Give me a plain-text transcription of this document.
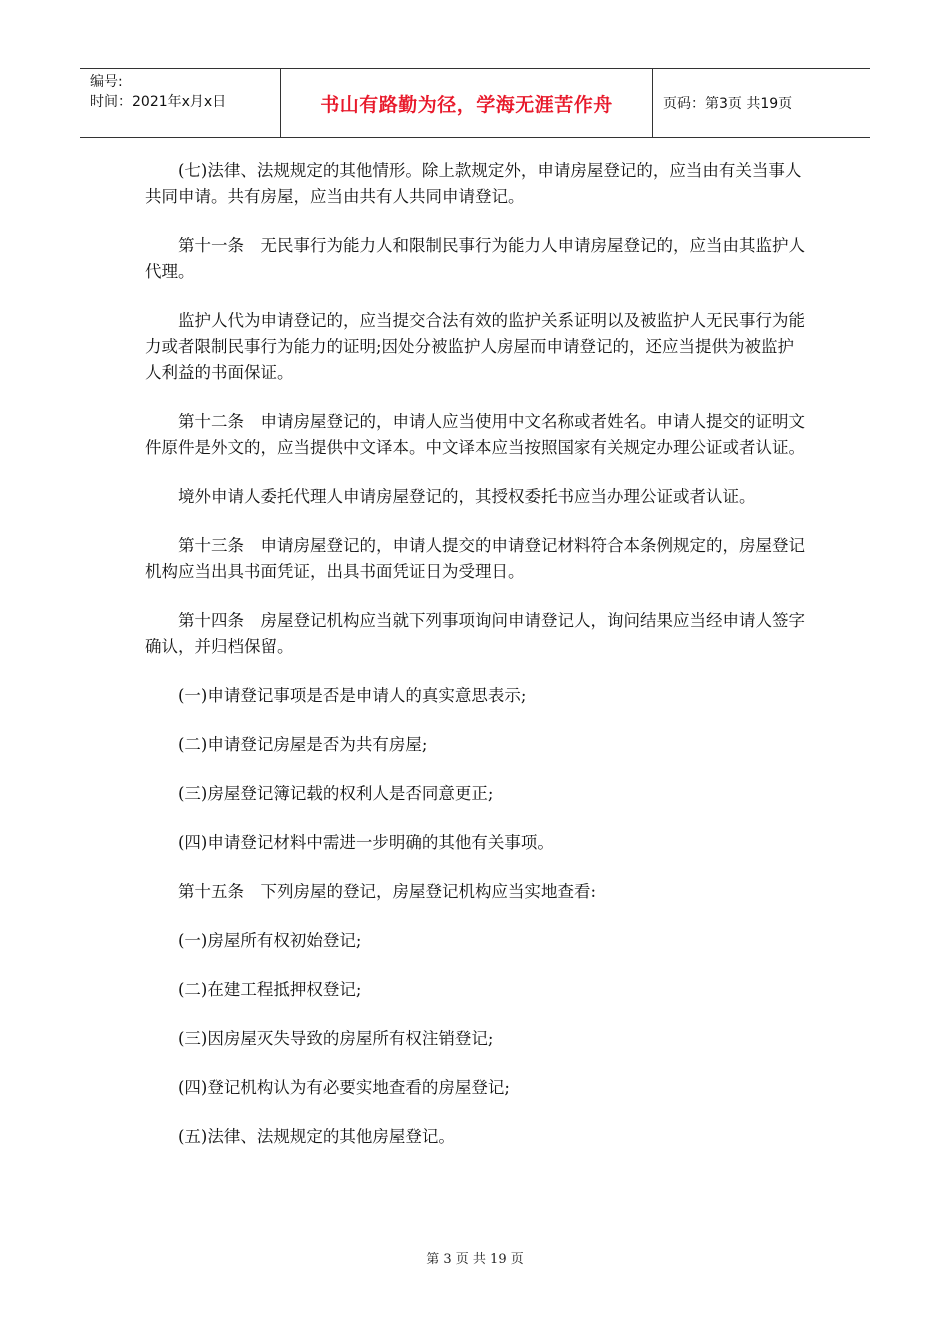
编号:
时间：2021年x月x日	书山有路勤为径，学海无涯苦作舟	页码：第3页 共19页

(七)法律、法规规定的其他情形。除上款规定外，申请房屋登记的，应当由有关当事人共同申请。共有房屋，应当由共有人共同申请登记。

第十一条　无民事行为能力人和限制民事行为能力人申请房屋登记的，应当由其监护人代理。

监护人代为申请登记的，应当提交合法有效的监护关系证明以及被监护人无民事行为能力或者限制民事行为能力的证明;因处分被监护人房屋而申请登记的，还应当提供为被监护人利益的书面保证。

第十二条　申请房屋登记的，申请人应当使用中文名称或者姓名。申请人提交的证明文件原件是外文的，应当提供中文译本。中文译本应当按照国家有关规定办理公证或者认证。

境外申请人委托代理人申请房屋登记的，其授权委托书应当办理公证或者认证。

第十三条　申请房屋登记的，申请人提交的申请登记材料符合本条例规定的，房屋登记机构应当出具书面凭证，出具书面凭证日为受理日。

第十四条　房屋登记机构应当就下列事项询问申请登记人，询问结果应当经申请人签字确认，并归档保留。

(一)申请登记事项是否是申请人的真实意思表示;

(二)申请登记房屋是否为共有房屋;

(三)房屋登记簿记载的权利人是否同意更正;

(四)申请登记材料中需进一步明确的其他有关事项。

第十五条　下列房屋的登记，房屋登记机构应当实地查看:

(一)房屋所有权初始登记;

(二)在建工程抵押权登记;

(三)因房屋灭失导致的房屋所有权注销登记;

(四)登记机构认为有必要实地查看的房屋登记;

(五)法律、法规规定的其他房屋登记。

第 3 页 共 19 页
